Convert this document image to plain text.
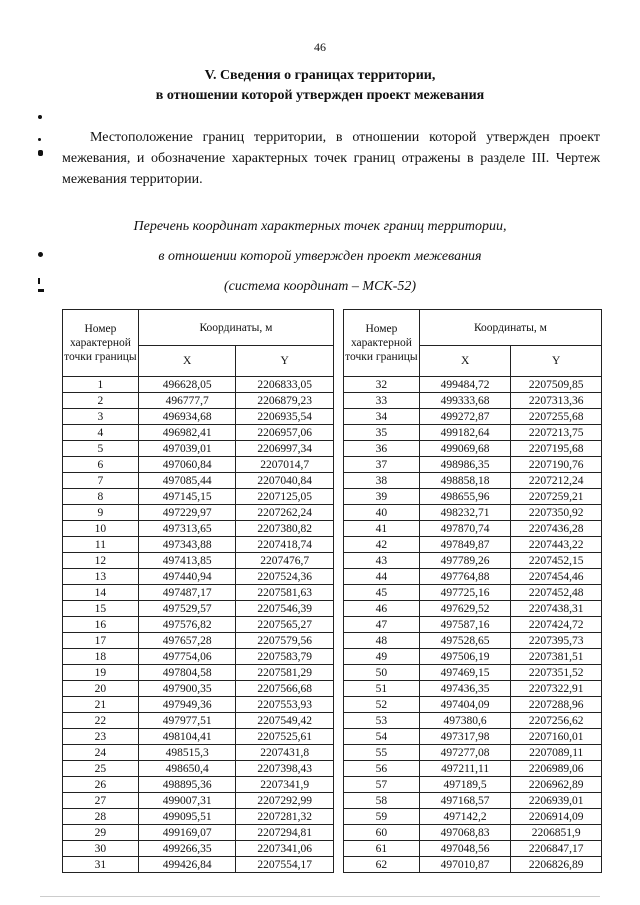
46
V. Сведения о границах территории,
в отношении которой утвержден проект межевания
Местоположение границ территории, в отношении которой утвержден проект межевания, и обозначение характерных точек границ отражены в разделе III. Чертеж межевания территории.
Перечень координат характерных точек границ территории,
в отношении которой утвержден проект межевания
(система координат – МСК-52)
Номер характерной точки границы	Координаты, м	
	X	Y
1	496628,05	2206833,05
2	496777,7	2206879,23
3	496934,68	2206935,54
4	496982,41	2206957,06
5	497039,01	2206997,34
6	497060,84	2207014,7
7	497085,44	2207040,84
8	497145,15	2207125,05
9	497229,97	2207262,24
10	497313,65	2207380,82
11	497343,88	2207418,74
12	497413,85	2207476,7
13	497440,94	2207524,36
14	497487,17	2207581,63
15	497529,57	2207546,39
16	497576,82	2207565,27
17	497657,28	2207579,56
18	497754,06	2207583,79
19	497804,58	2207581,29
20	497900,35	2207566,68
21	497949,36	2207553,93
22	497977,51	2207549,42
23	498104,41	2207525,61
24	498515,3	2207431,8
25	498650,4	2207398,43
26	498895,36	2207341,9
27	499007,31	2207292,99
28	499095,51	2207281,32
29	499169,07	2207294,81
30	499266,35	2207341,06
31	499426,84	2207554,17
Номер характерной точки границы	Координаты, м	
	X	Y
32	499484,72	2207509,85
33	499333,68	2207313,36
34	499272,87	2207255,68
35	499182,64	2207213,75
36	499069,68	2207195,68
37	498986,35	2207190,76
38	498858,18	2207212,24
39	498655,96	2207259,21
40	498232,71	2207350,92
41	497870,74	2207436,28
42	497849,87	2207443,22
43	497789,26	2207452,15
44	497764,88	2207454,46
45	497725,16	2207452,48
46	497629,52	2207438,31
47	497587,16	2207424,72
48	497528,65	2207395,73
49	497506,19	2207381,51
50	497469,15	2207351,52
51	497436,35	2207322,91
52	497404,09	2207288,96
53	497380,6	2207256,62
54	497317,98	2207160,01
55	497277,08	2207089,11
56	497211,11	2206989,06
57	497189,5	2206962,89
58	497168,57	2206939,01
59	497142,2	2206914,09
60	497068,83	2206851,9
61	497048,56	2206847,17
62	497010,87	2206826,89
